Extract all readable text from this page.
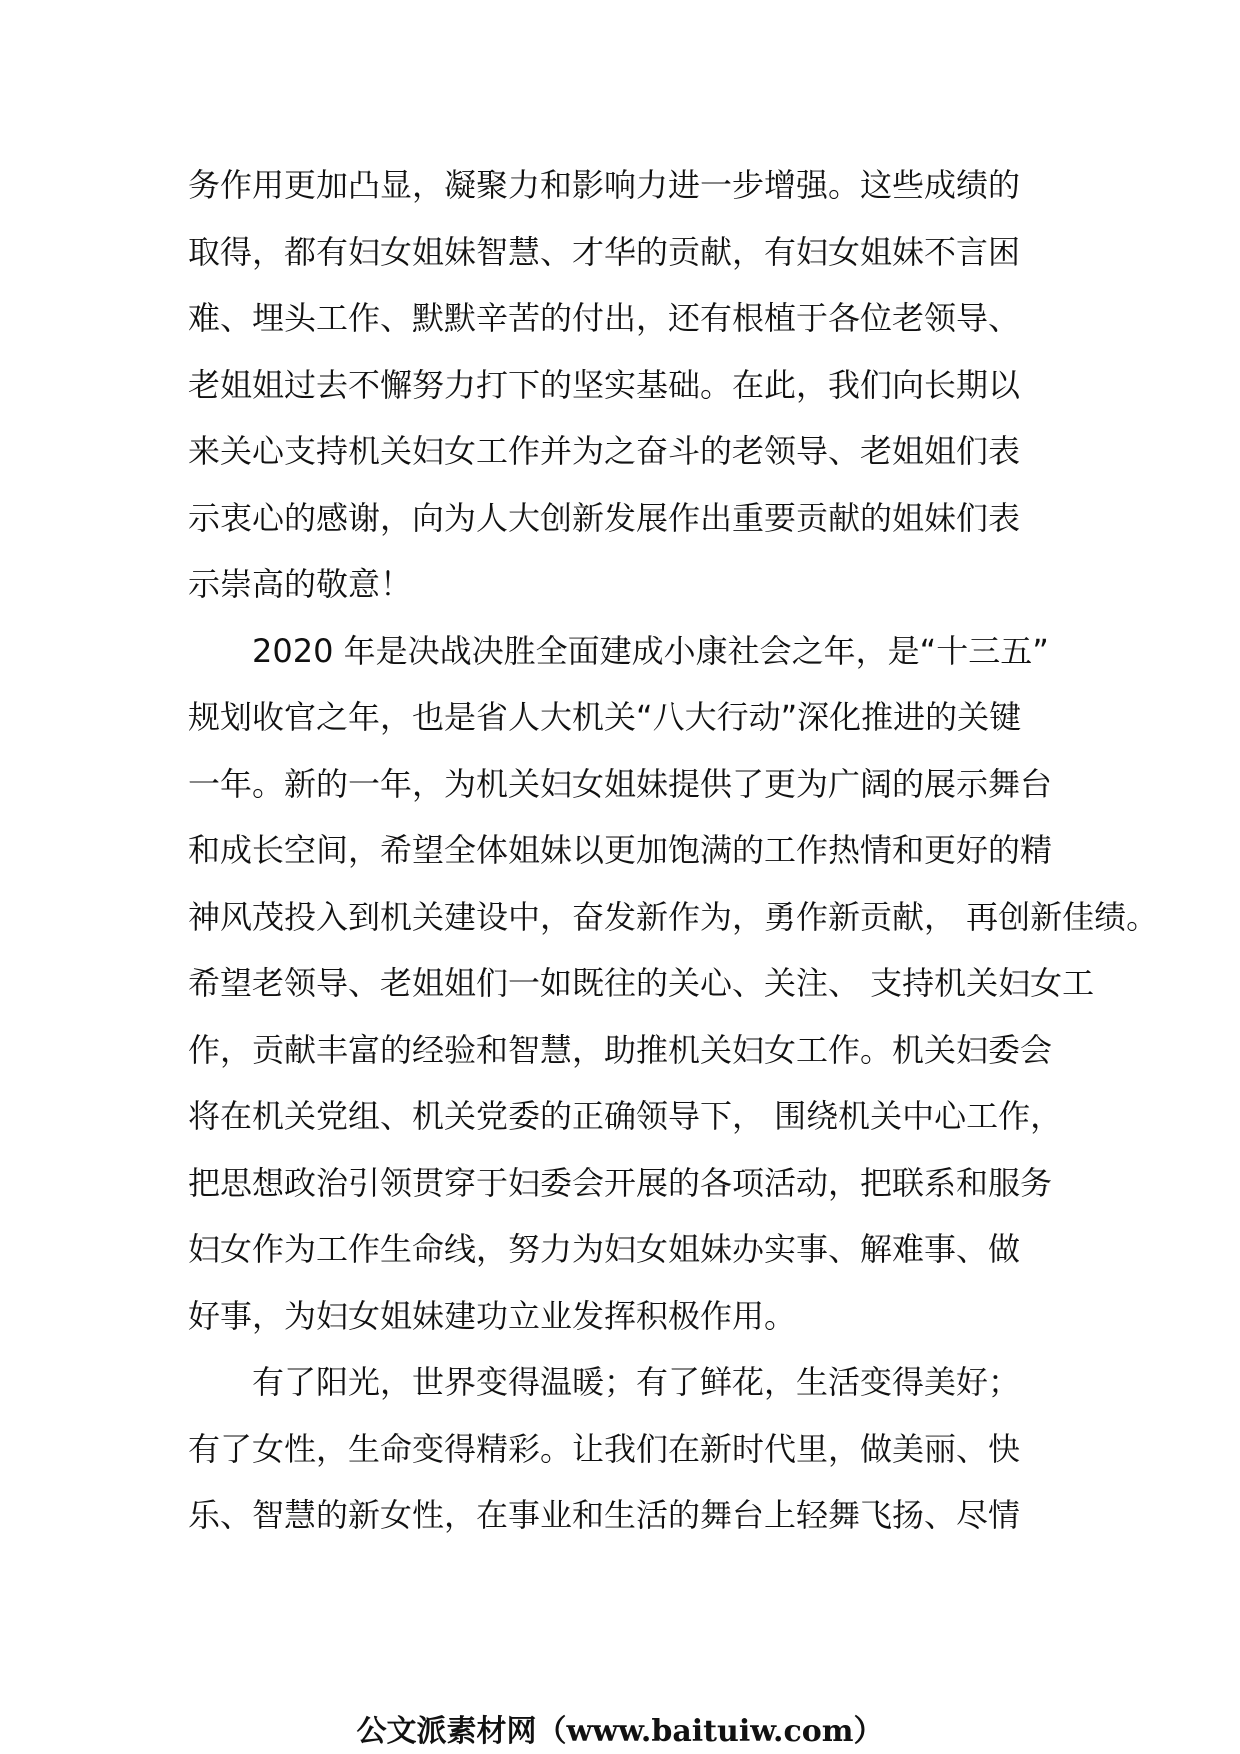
务作用更加凸显，凝聚力和影响力进一步增强。这些成绩的
取得，都有妇女姐妹智慧、才华的贡献，有妇女姐妹不言困
难、埋头工作、默默辛苦的付出，还有根植于各位老领导、
老姐姐过去不懈努力打下的坚实基础。在此，我们向长期以
来关心支持机关妇女工作并为之奋斗的老领导、老姐姐们表
示衷心的感谢，向为人大创新发展作出重要贡献的姐妹们表
示崇高的敬意！
2020 年是决战决胜全面建成小康社会之年，是“十三五”
规划收官之年，也是省人大机关“八大行动”深化推进的关键
一年。新的一年，为机关妇女姐妹提供了更为广阔的展示舞台
和成长空间，希望全体姐妹以更加饱满的工作热情和更好的精
神风茂投入到机关建设中，奋发新作为，勇作新贡献， 再创新佳绩。
希望老领导、老姐姐们一如既往的关心、关注、 支持机关妇女工
作，贡献丰富的经验和智慧，助推机关妇女工作。机关妇委会
将在机关党组、机关党委的正确领导下， 围绕机关中心工作，
把思想政治引领贯穿于妇委会开展的各项活动，把联系和服务
妇女作为工作生命线，努力为妇女姐妹办实事、解难事、做
好事，为妇女姐妹建功立业发挥积极作用。
有了阳光，世界变得温暖；有了鲜花，生活变得美好；
有了女性，生命变得精彩。让我们在新时代里，做美丽、快
乐、智慧的新女性，在事业和生活的舞台上轻舞飞扬、尽情
公文派素材网（www.baituiw.com）
